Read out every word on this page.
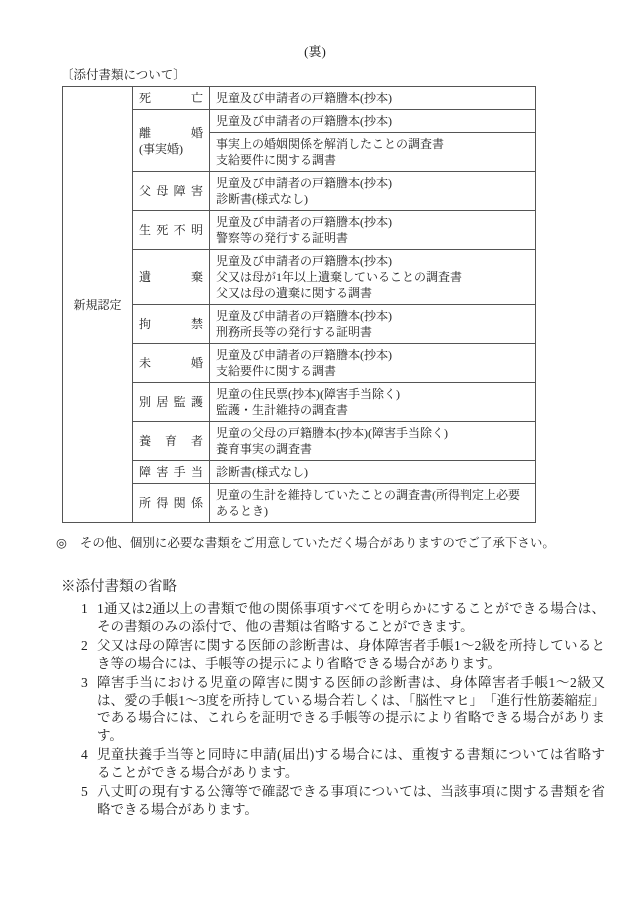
(裏)
〔添付書類について〕
新規認定	死亡	児童及び申請者の戸籍謄本(抄本)

	離婚
(事実婚)	児童及び申請者の戸籍謄本(抄本)
		事実上の婚姻関係を解消したことの調査書
支給要件に関する調書
	父母障害	児童及び申請者の戸籍謄本(抄本)
診断書(様式なし)
	生死不明	児童及び申請者の戸籍謄本(抄本)
警察等の発行する証明書
	遺棄	児童及び申請者の戸籍謄本(抄本)
父又は母が1年以上遺棄していることの調査書
父又は母の遺棄に関する調書
	拘禁	児童及び申請者の戸籍謄本(抄本)
刑務所長等の発行する証明書
	未婚	児童及び申請者の戸籍謄本(抄本)
支給要件に関する調書
	別居監護	児童の住民票(抄本)(障害手当除く)
監護・生計維持の調査書
	養育者	児童の父母の戸籍謄本(抄本)(障害手当除く)
養育事実の調査書
	障害手当	診断書(様式なし)
	所得関係	児童の生計を維持していたことの調査書(所得判定上必要あるとき)
◎ その他、個別に必要な書類をご用意していただく場合がありますのでご了承下さい。
※添付書類の省略
1 1通又は2通以上の書類で他の関係事項すべてを明らかにすることができる場合は、その書類のみの添付で、他の書類は省略することができます。
2 父又は母の障害に関する医師の診断書は、身体障害者手帳1〜2級を所持しているとき等の場合には、手帳等の提示により省略できる場合があります。
3 障害手当における児童の障害に関する医師の診断書は、身体障害者手帳1〜2級又は、愛の手帳1〜3度を所持している場合若しくは、「脳性マヒ」　「進行性筋萎縮症」である場合には、これらを証明できる手帳等の提示により省略できる場合があります。
4 児童扶養手当等と同時に申請(届出)する場合には、重複する書類については省略することができる場合があります。
5 八丈町の現有する公簿等で確認できる事項については、当該事項に関する書類を省略できる場合があります。
